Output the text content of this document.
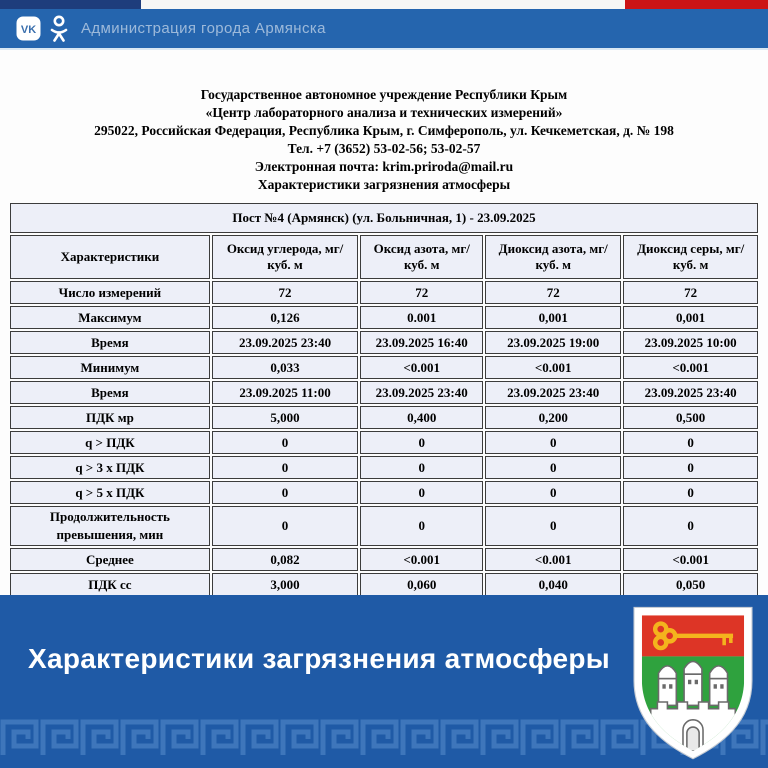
VK	Администрация города Армянска
Государственное автономное учреждение Республики Крым
«Центр лабораторного анализа и технических измерений»
295022, Российская Федерация, Республика Крым, г. Симферополь, ул. Кечкеметская, д. № 198
Тел. +7 (3652) 53-02-56; 53-02-57
Электронная почта: krim.priroda@mail.ru
Характеристики загрязнения атмосферы
Пост №4 (Армянск) (ул. Больничная, 1) - 23.09.2025				
Характеристики	Оксид углерода, мг/куб. м	Оксид азота, мг/куб. м	Диоксид азота, мг/куб. м	Диоксид серы, мг/куб. м
Число измерений	72	72	72	72
Максимум	0,126	0.001	0,001	0,001
Время	23.09.2025 23:40	23.09.2025 16:40	23.09.2025 19:00	23.09.2025 10:00
Минимум	0,033	<0.001	<0.001	<0.001
Время	23.09.2025 11:00	23.09.2025 23:40	23.09.2025 23:40	23.09.2025 23:40
ПДК мр	5,000	0,400	0,200	0,500
q > ПДК	0	0	0	0
q > 3 х ПДК	0	0	0	0
q > 5 х ПДК	0	0	0	0
Продолжительность превышения, мин	0	0	0	0
Среднее	0,082	<0.001	<0.001	<0.001
ПДК сс	3,000	0,060	0,040	0,050

Характеристики загрязнения атмосферы
